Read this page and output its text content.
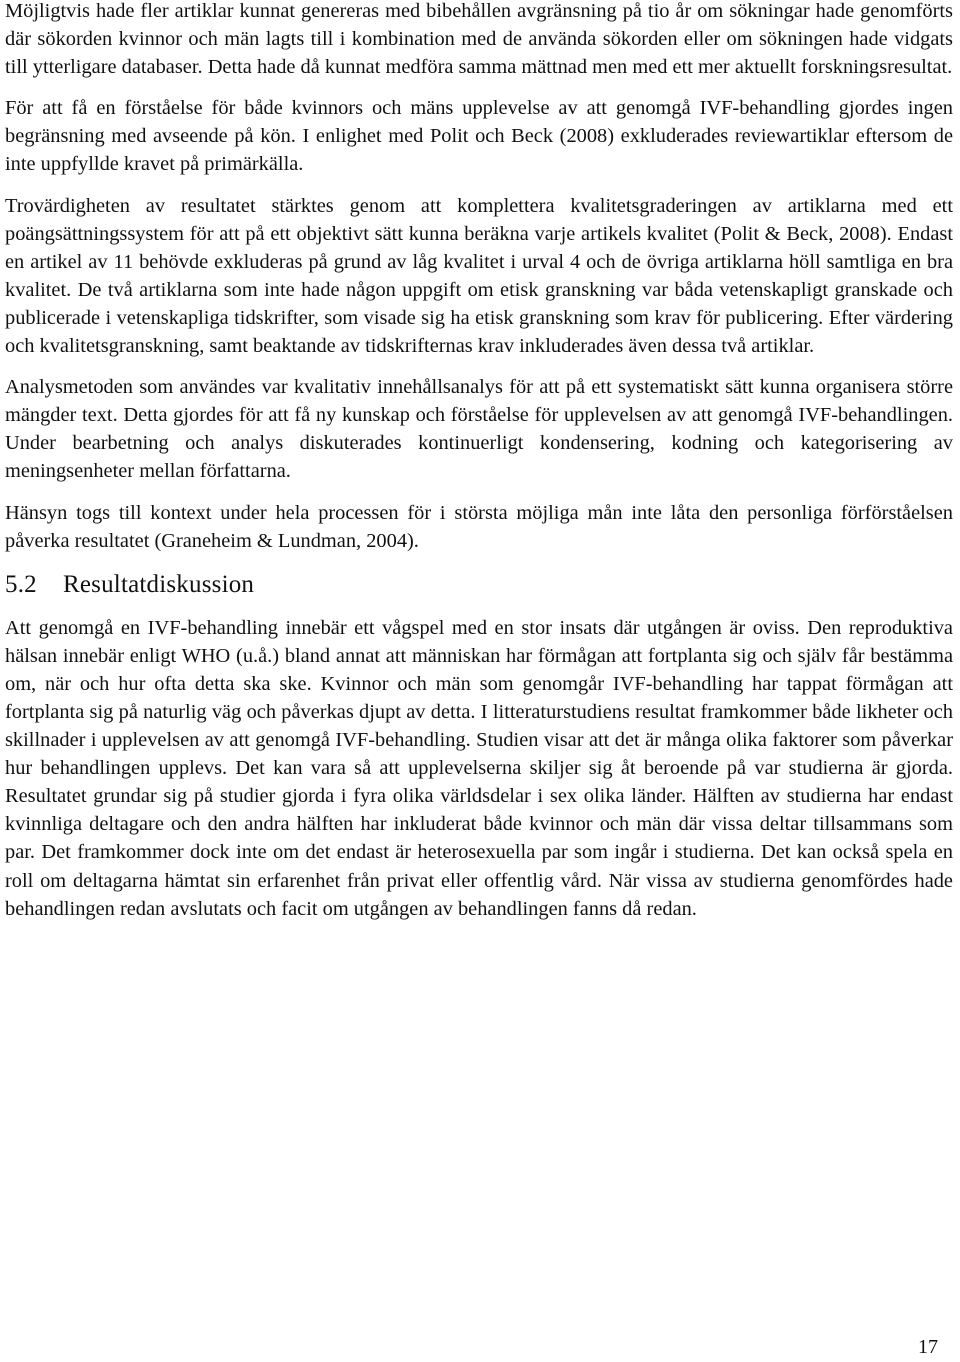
Möjligtvis hade fler artiklar kunnat genereras med bibehållen avgränsning på tio år om sökningar hade genomförts där sökorden kvinnor och män lagts till i kombination med de använda sökorden eller om sökningen hade vidgats till ytterligare databaser. Detta hade då kunnat medföra samma mättnad men med ett mer aktuellt forskningsresultat.

För att få en förståelse för både kvinnors och mäns upplevelse av att genomgå IVF-behandling gjordes ingen begränsning med avseende på kön. I enlighet med Polit och Beck (2008) exkluderades reviewartiklar eftersom de inte uppfyllde kravet på primärkälla.

Trovärdigheten av resultatet stärktes genom att komplettera kvalitetsgraderingen av artiklarna med ett poängsättningssystem för att på ett objektivt sätt kunna beräkna varje artikels kvalitet (Polit & Beck, 2008). Endast en artikel av 11 behövde exkluderas på grund av låg kvalitet i urval 4 och de övriga artiklarna höll samtliga en bra kvalitet. De två artiklarna som inte hade någon uppgift om etisk granskning var båda vetenskapligt granskade och publicerade i vetenskapliga tidskrifter, som visade sig ha etisk granskning som krav för publicering. Efter värdering och kvalitetsgranskning, samt beaktande av tidskrifternas krav inkluderades även dessa två artiklar.

Analysmetoden som användes var kvalitativ innehållsanalys för att på ett systematiskt sätt kunna organisera större mängder text. Detta gjordes för att få ny kunskap och förståelse för upplevelsen av att genomgå IVF-behandlingen. Under bearbetning och analys diskuterades kontinuerligt kondensering, kodning och kategorisering av meningsenheter mellan författarna.

Hänsyn togs till kontext under hela processen för i största möjliga mån inte låta den personliga förförståelsen påverka resultatet (Graneheim & Lundman, 2004).

5.2 Resultatdiskussion

Att genomgå en IVF-behandling innebär ett vågspel med en stor insats där utgången är oviss. Den reproduktiva hälsan innebär enligt WHO (u.å.) bland annat att människan har förmågan att fortplanta sig och själv får bestämma om, när och hur ofta detta ska ske. Kvinnor och män som genomgår IVF-behandling har tappat förmågan att fortplanta sig på naturlig väg och påverkas djupt av detta. I litteraturstudiens resultat framkommer både likheter och skillnader i upplevelsen av att genomgå IVF-behandling. Studien visar att det är många olika faktorer som påverkar hur behandlingen upplevs. Det kan vara så att upplevelserna skiljer sig åt beroende på var studierna är gjorda. Resultatet grundar sig på studier gjorda i fyra olika världsdelar i sex olika länder. Hälften av studierna har endast kvinnliga deltagare och den andra hälften har inkluderat både kvinnor och män där vissa deltar tillsammans som par. Det framkommer dock inte om det endast är heterosexuella par som ingår i studierna. Det kan också spela en roll om deltagarna hämtat sin erfarenhet från privat eller offentlig vård. När vissa av studierna genomfördes hade behandlingen redan avslutats och facit om utgången av behandlingen fanns då redan.

17
